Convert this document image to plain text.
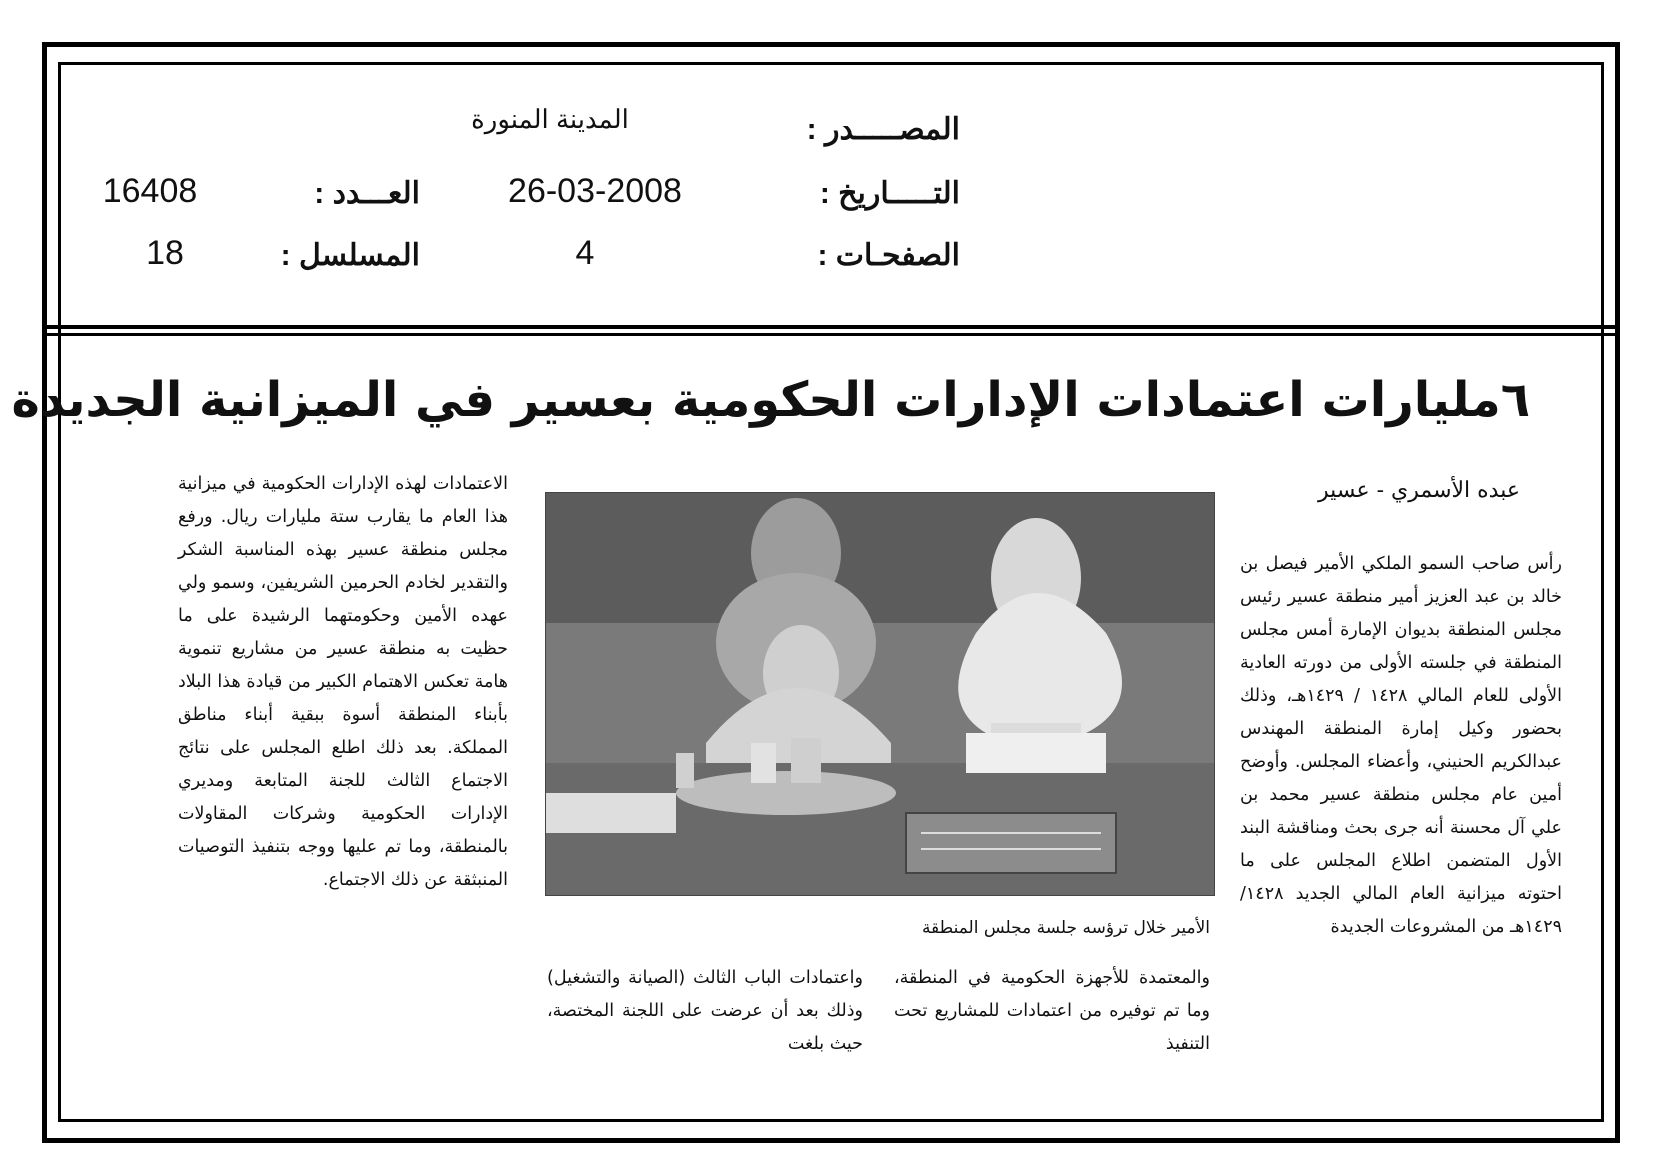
المصـــــدر :
المدينة المنورة
التـــــاريخ :
26-03-2008
العـــدد :
16408
الصفحـات :
4
المسلسل :
18
٦مليارات اعتمادات الإدارات الحكومية بعسير في الميزانية الجديدة
عبده الأسمري - عسير
رأس صاحب السمو الملكي الأمير فيصل بن خالد بن عبد العزيز أمير منطقة عسير رئيس مجلس المنطقة بديوان الإمارة أمس مجلس المنطقة في جلسته الأولى من دورته العادية الأولى للعام المالي ١٤٢٨ / ١٤٢٩هـ، وذلك بحضور وكيل إمارة المنطقة المهندس عبدالكريم الحنيني، وأعضاء المجلس. وأوضح أمين عام مجلس منطقة عسير محمد بن علي آل محسنة أنه جرى بحث ومناقشة البند الأول المتضمن اطلاع المجلس على ما احتوته ميزانية العام المالي الجديد ١٤٢٨/ ١٤٢٩هـ من المشروعات الجديدة
الأمير خلال ترؤسه جلسة مجلس المنطقة
والمعتمدة للأجهزة الحكومية في المنطقة، وما تم توفيره من اعتمادات للمشاريع تحت التنفيذ
واعتمادات الباب الثالث (الصيانة والتشغيل) وذلك بعد أن عرضت على اللجنة المختصة، حيث بلغت
الاعتمادات لهذه الإدارات الحكومية في ميزانية هذا العام ما يقارب ستة مليارات ريال. ورفع مجلس منطقة عسير بهذه المناسبة الشكر والتقدير لخادم الحرمين الشريفين، وسمو ولي عهده الأمين وحكومتهما الرشيدة على ما حظيت به منطقة عسير من مشاريع تنموية هامة تعكس الاهتمام الكبير من قيادة هذا البلاد بأبناء المنطقة أسوة ببقية أبناء مناطق المملكة. بعد ذلك اطلع المجلس على نتائج الاجتماع الثالث للجنة المتابعة ومديري الإدارات الحكومية وشركات المقاولات بالمنطقة، وما تم عليها ووجه بتنفيذ التوصيات المنبثقة عن ذلك الاجتماع.
